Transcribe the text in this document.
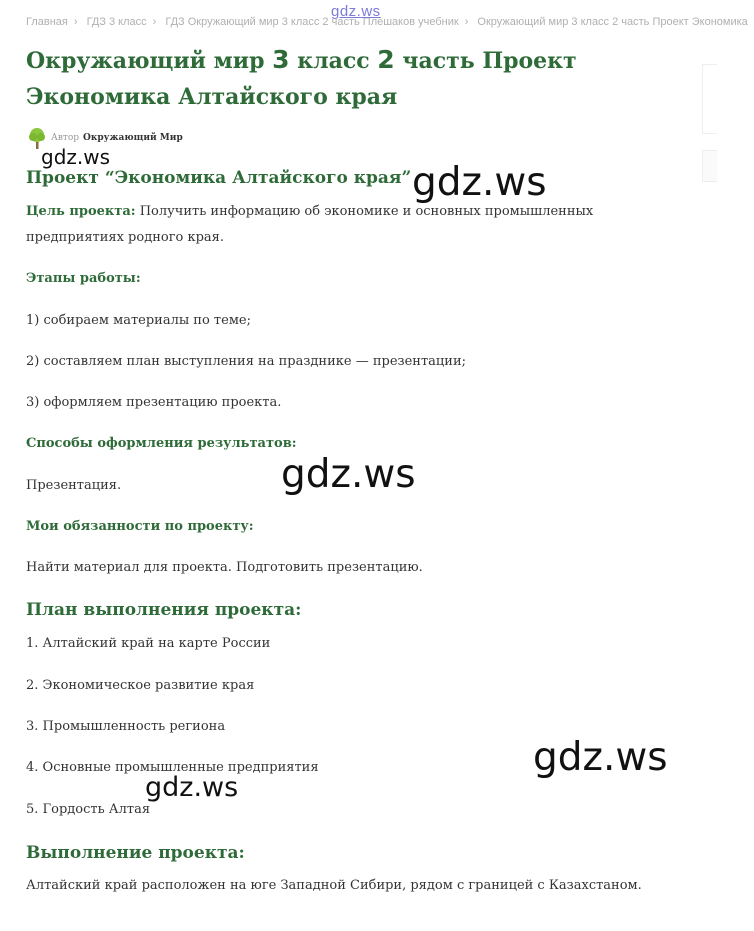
Главная › ГДЗ 3 класс › ГДЗ Окружающий мир 3 класс 2 часть Плешаков учебник › Окружающий мир 3 класс 2 часть Проект Экономика
gdz.ws
Окружающий мир 3 класс 2 часть Проект
Экономика Алтайского края
Автор Окружающий Мир
gdz.ws
Проект “Экономика Алтайского края” gdz.ws

Цель проекта: Получить информацию об экономике и основных промышленных предприятиях родного края.

Этапы работы:

1) собираем материалы по теме;

2) составляем план выступления на празднике — презентации;

3) оформляем презентацию проекта.

Способы оформления результатов:

gdz.ws

Презентация.

Мои обязанности по проекту:

Найти материал для проекта. Подготовить презентацию.

План выполнения проекта:

1. Алтайский край на карте России

2. Экономическое развитие края

3. Промышленность региона

gdz.ws

4. Основные промышленные предприятия

gdz.ws

5. Гордость Алтая

Выполнение проекта:

Алтайский край расположен на юге Западной Сибири, рядом с границей с Казахстаном.
